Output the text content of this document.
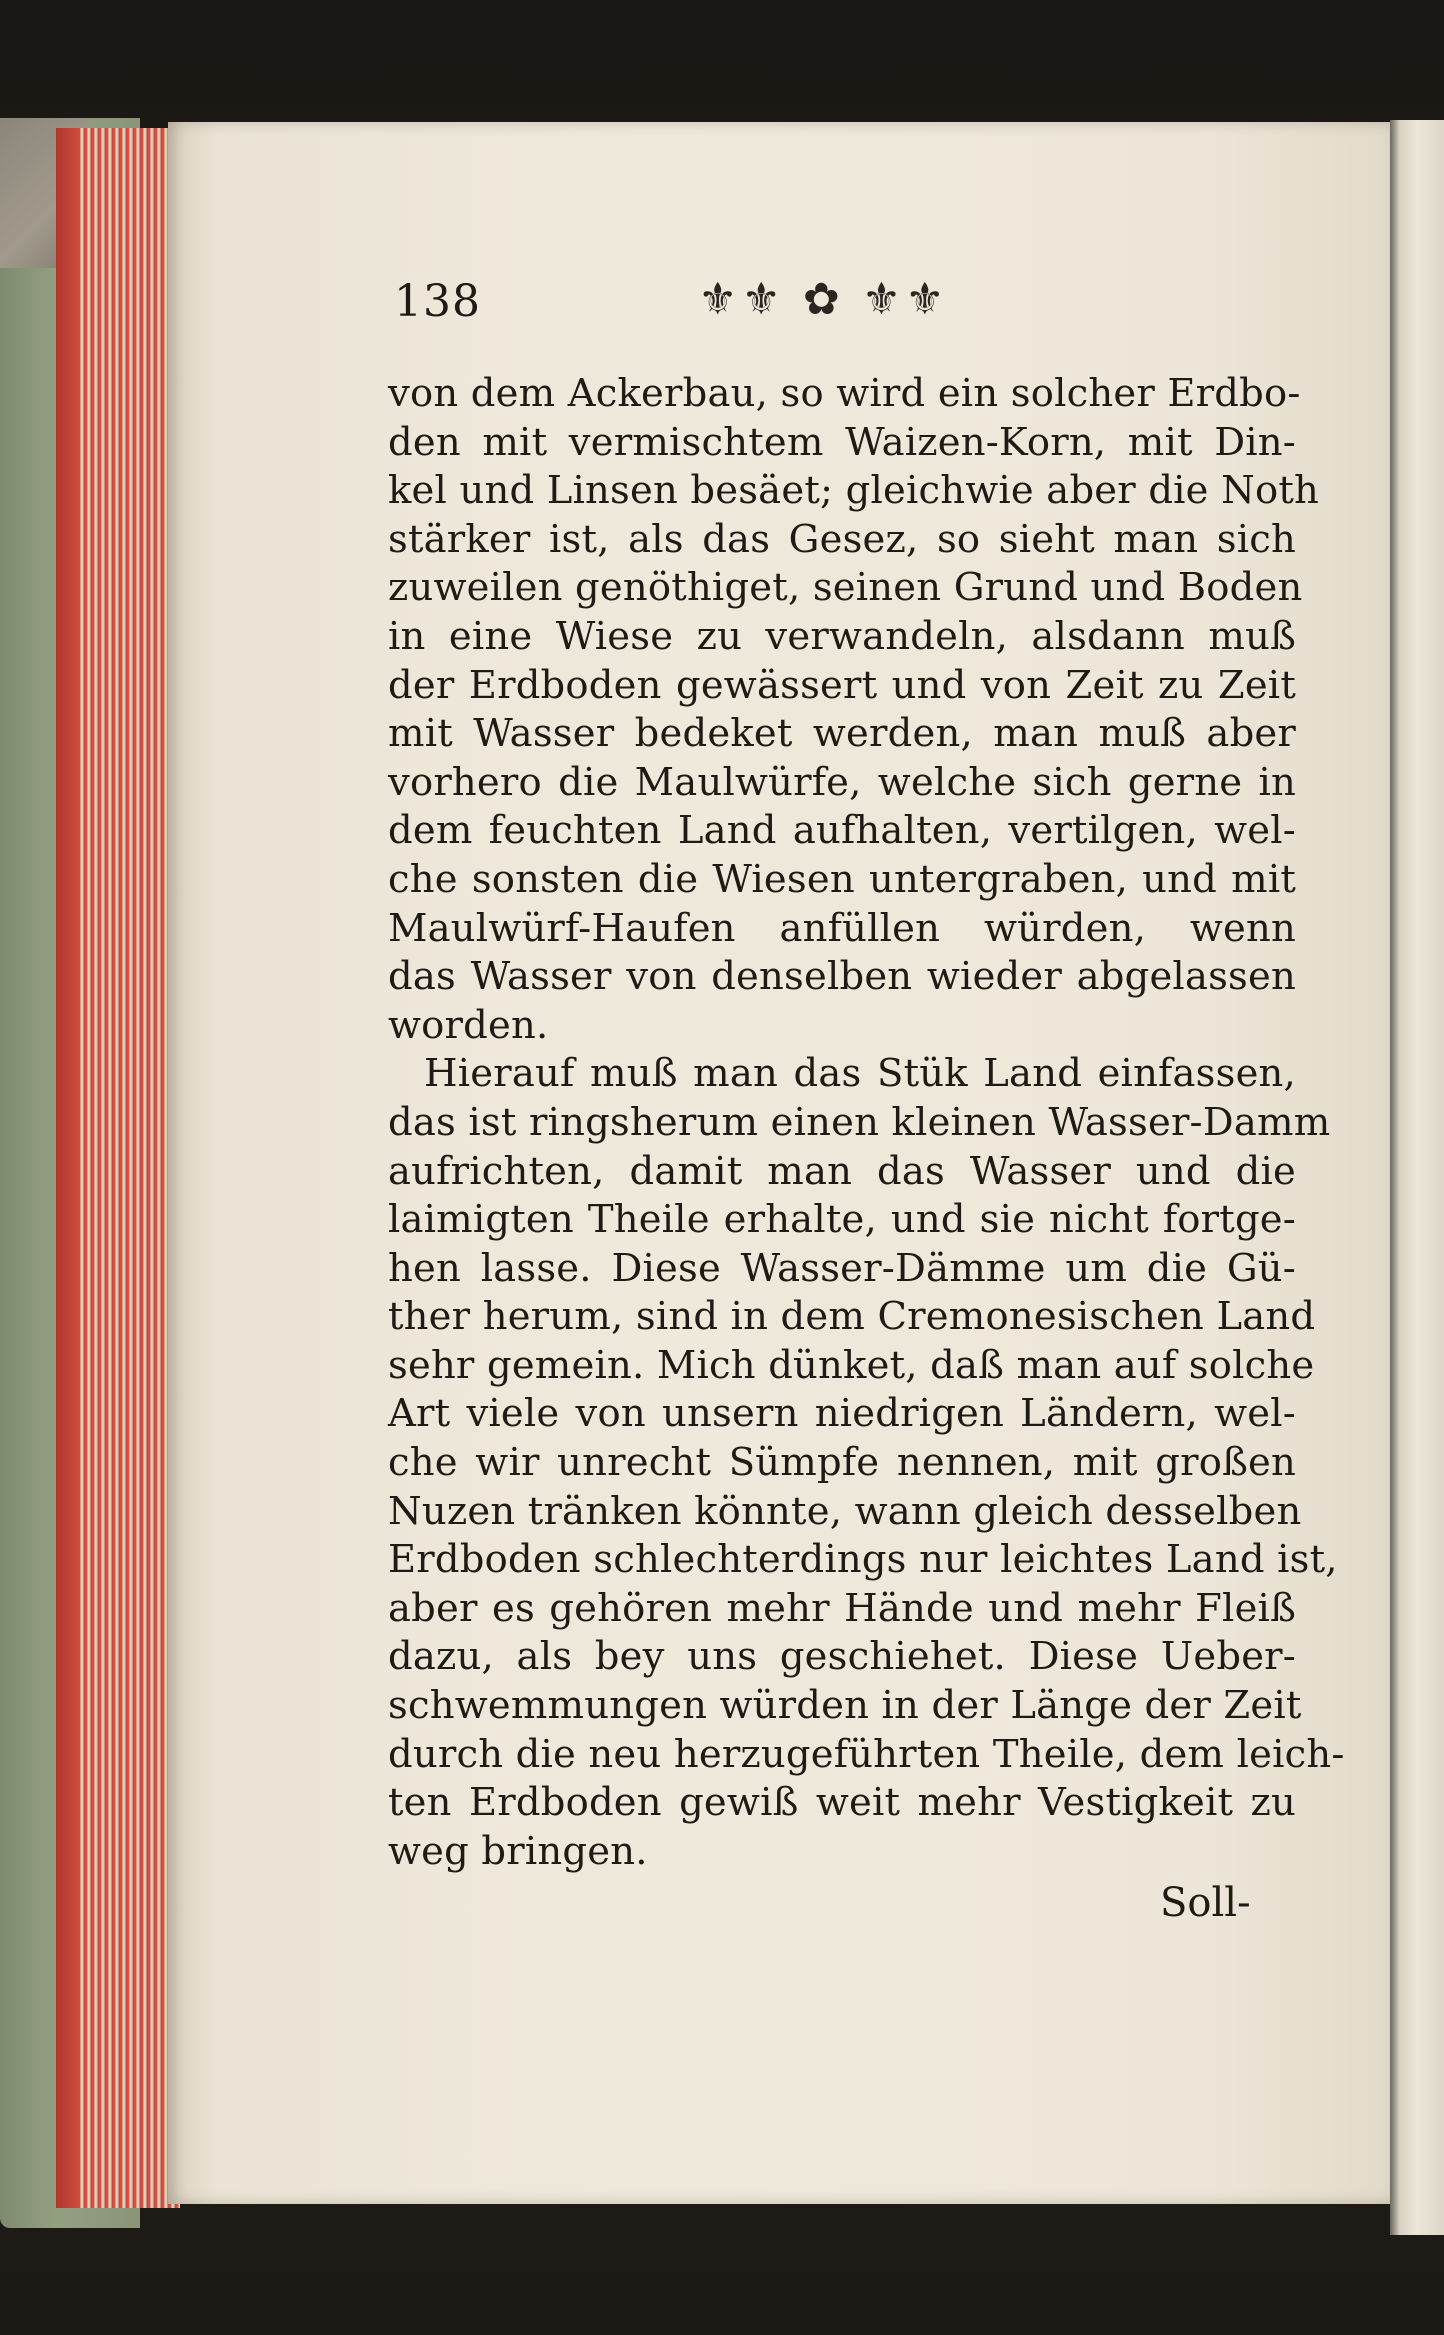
138	⚜⚜ ✿ ⚜⚜
von dem Ackerbau, so wird ein solcher Erdbo-
den mit vermischtem Waizen-Korn, mit Din-
kel und Linsen besäet; gleichwie aber die Noth
stärker ist, als das Gesez, so sieht man sich
zuweilen genöthiget, seinen Grund und Boden
in eine Wiese zu verwandeln, alsdann muß
der Erdboden gewässert und von Zeit zu Zeit
mit Wasser bedeket werden, man muß aber
vorhero die Maulwürfe, welche sich gerne in
dem feuchten Land aufhalten, vertilgen, wel-
che sonsten die Wiesen untergraben, und mit
Maulwürf-Haufen anfüllen würden, wenn
das Wasser von denselben wieder abgelassen
worden.
Hierauf muß man das Stük Land einfassen,
das ist ringsherum einen kleinen Wasser-Damm
aufrichten, damit man das Wasser und die
laimigten Theile erhalte, und sie nicht fortge-
hen lasse. Diese Wasser-Dämme um die Gü-
ther herum, sind in dem Cremonesischen Land
sehr gemein. Mich dünket, daß man auf solche
Art viele von unsern niedrigen Ländern, wel-
che wir unrecht Sümpfe nennen, mit großen
Nuzen tränken könnte, wann gleich desselben
Erdboden schlechterdings nur leichtes Land ist,
aber es gehören mehr Hände und mehr Fleiß
dazu, als bey uns geschiehet. Diese Ueber-
schwemmungen würden in der Länge der Zeit
durch die neu herzugeführten Theile, dem leich-
ten Erdboden gewiß weit mehr Vestigkeit zu
weg bringen.
Soll-
